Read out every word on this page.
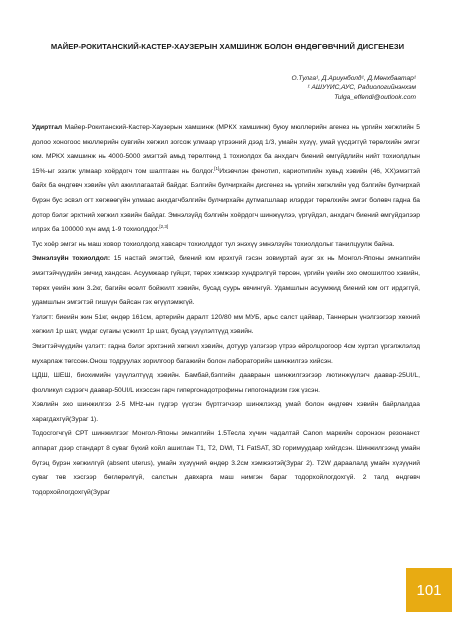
МАЙЕР-РОКИТАНСКИЙ-КАСТЕР-ХАУЗЕРЫН ХАМШИНЖ БОЛОН ӨНДӨГӨВЧНИЙ ДИСГЕНЕЗИ
О.Тулга¹, Д.Ариунболд¹, Д.Мөнхбаатар¹
¹ АШУҮИС,АУС, Радиологийнэнхэм
Tulga_effendi@outlook.com

Удиртгал Майер-Рокитанский-Кастер-Хаузерын хамшинж (МРКХ хамшинж) буюу мюллерийн агенез нь үргийн хөгжлийн 5 долоо хоногоос мюллерийн сувгийн хөгжил зогсож улмаар үтрээний дээд 1/3, умайн хүзүү, умай үүсдэггүй төрөлхийн эмгэг юм. МРКХ хамшинж нь 4000-5000 эмэгтэй амьд төрөлтөнд 1 тохиолдох ба анхдагч биений өмгүйдлийн нийт тохиолдлын 15%-ыг эзэлж улмаар хоёрдогч том шалтгаан нь болдог.[1]Ихэвчлэн фенотип, кариотипийн хувьд хэвийн (46, XX)эмэгтэй байх ба өндгөвч хэвийн үйл ажиллагаатай байдаг. Бэлгийн булчирхайн дисгенез нь үргийн хөгжлийн үед бэлгийн булчирхай бүрэн бус эсвэл огт хөгжөөгүйн улмааc анхдагчбэлгийн булчирхайн дутмагшлаар илэрдэг төрөлхийн эмгэг болөвч гадна ба дотор бэлэг эрхтний хөгжил хэвийн байдаг. Эмнэлзүйд бэлгийн хоёрдогч шинжүүлээ, үргүйдэл, анхдагч биений өмгүйдэлээр илрэх ба 100000 хүн амд 1-9 тохиолддог.[2,3]

Тус хоёр эмгэг нь маш ховор тохиолдолд хавсарч тохиолддог тул энэхүү эмнэлзүйн тохиолдолыг танилцуулж байна.

Эмнэлзүйн тохиолдол: 15 настай эмэгтэй, биений юм ирэхгүй гэсэн зовиуртай ауэг эх нь Монгол-Японы эмнэлгийн эмэгтэйчүүдийн эмчид хандсан. Асуумжаар гүйцэт, төрөх хэмжээр хүндрэлгүй төрсөн, үргийн үеийн эхо омошилтоо хэвийн, төрөх үеийн жин 3.2кг, багийн өсөлт бойжилт хэвийн, бусад суурь өвчингүй. Удамшлын асуумжид биений юм огт ирдэггүй, удамшлын эмгэгтэй гишүүн байсан гэх өгүүлэмжгүй.

Үзлэгт: биеийн жин 51кг, өндөр 161см, артерийн даралт 120/80 мм МУБ, арьс салст цайвар, Таннерын үнэлгээгээр хөхний хөгжил 1р шат, үмдаг сүгаиы үсжилт 1р шат, бусад үзүүлэлтүүд хэвийн.

Эмэгтэйчүүдийн үзлэгт: гадна бэлэг эрхтэний хөгжил хэвийн, дотуур үзлэгээр үтрээ өйролцоогоор 4см хүртэл үргэлжлэлэд мухарлаж төгссөн.Онош тодруулах зорилгоор багажийн болон лабораторийн шинжилгээ хийсэн.

ЦДШ, ШЕШ, биохимийн үзүүлэлтүүд хэвийн. Бамбай,бэлгийн даавраын шинжилгээгээр лютинжүүлэгч даавар-25UI/L, фолликул сэдээгч даавар-50UI/L ихэссэн гарч гипергонадотрофины гипогонадизм гэж үзсэн.

Хэвлийн эхо шинжилгээ 2-5 MHz-ын гүдгэр үүсгэн бүртгэгчээр шинжлэхэд умай болон өндгөвч хэвийн байрлалдаа харагдахгүй(Зураг 1).

Тодосгогчгүй СРТ шинжилгээг Монгол-Японы эмнэлгийн 1.5Тесла хүчин чадалтай Canon маркийн соронзон резонанст аппарат дээр стандарт 8 суваг бүхий койл ашиглан Т1, Т2, DWI, T1 FatSAT, 3D горимуудаар хийгдсэн. Шинжилгээнд умайн бүтэц бүрэн хөгжилгүй (absent uterus), умайн хүзүүний өндөр 3.2см хэмжээтэй(Зураг 2). T2W дараалалд умайн хүзүүний суваг төв хэсгээр бөглөрөлгүй, салстын давхарга маш нимгэн бараг тодорхойлогдохгүй. 2 талд өндгөвч тодорхойлогдохгүй(Зураг

101
